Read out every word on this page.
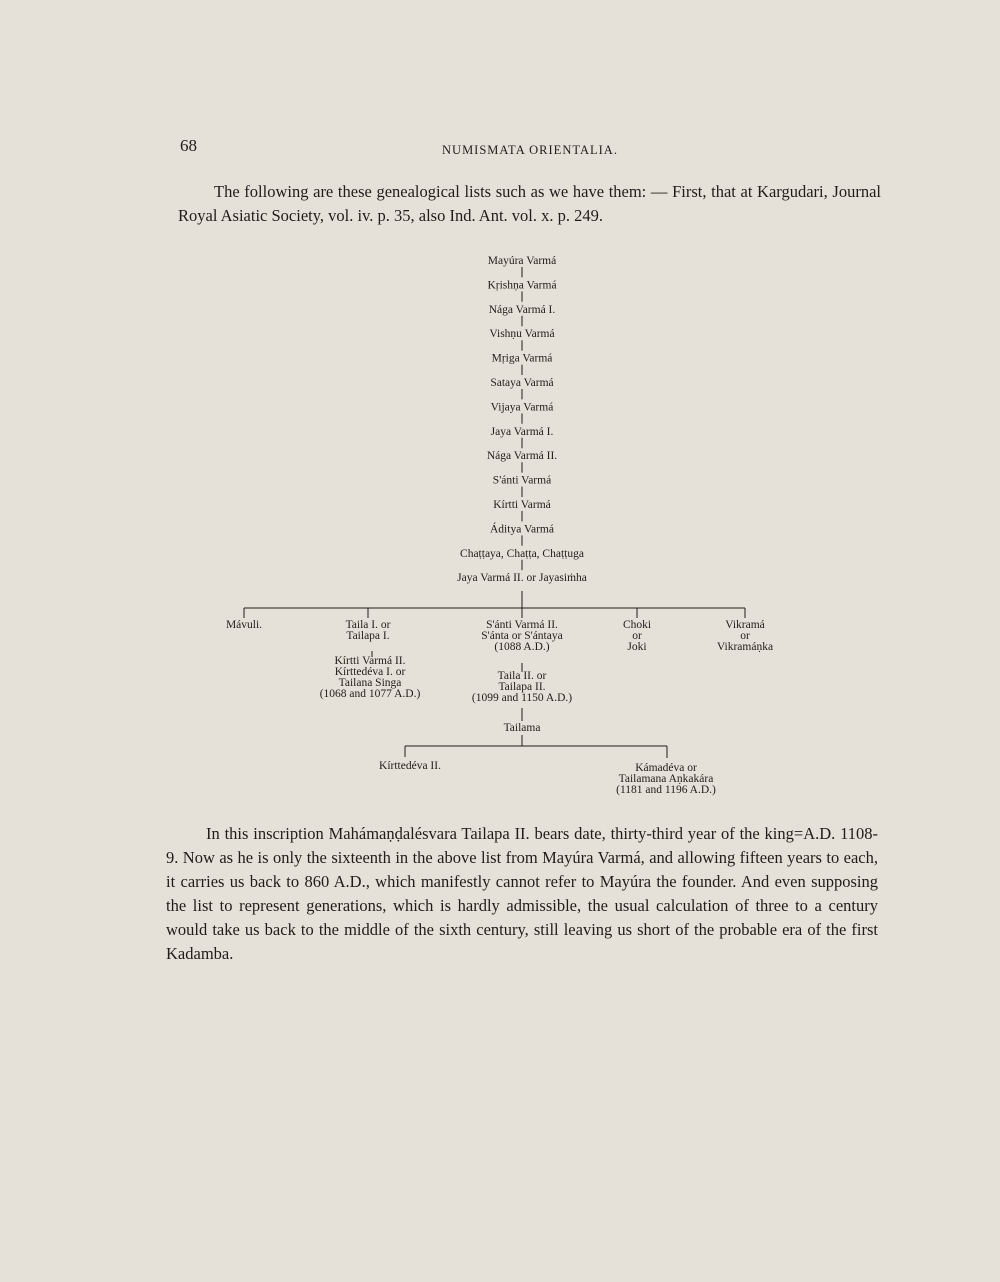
68	NUMISMATA ORIENTALIA.

The following are these genealogical lists such as we have them: — First, that at Kargudari, Journal Royal Asiatic Society, vol. iv. p. 35, also Ind. Ant. vol. x. p. 249.

Mayúra Varmá
Kṛishṇa Varmá
Nága Varmá I.
Vishṇu Varmá
Mṛiga Varmá
Sataya Varmá
Vijaya Varmá
Jaya Varmá I.
Nága Varmá II.
S'ánti Varmá
Kírtti Varmá
Áditya Varmá
Chaṭṭaya, Chaṭṭa, Chaṭṭuga
Jaya Varmá II. or Jayasiṁha
Mávuli.	Taila I. or
Tailapa I.
S'ánti Varmá II.
S'ánta or S'ántaya
(1088 A.D.)
Choki
or
Joki
Vikramá
or
Vikramáṇka
Kírtti Varmá II.
Kírttedéva I. or
Tailana Singa
(1068 and 1077 A.D.)
Taila II. or
Tailapa II.
(1099 and 1150 A.D.)
Tailama
Kírttedéva II.	Kámadéva or
Tailamana Aṇkakára
(1181 and 1196 A.D.)

In this inscription Mahámaṇḍalésvara Tailapa II. bears date, thirty-third year of the king=A.D. 1108-9. Now as he is only the sixteenth in the above list from Mayúra Varmá, and allowing fifteen years to each, it carries us back to 860 A.D., which manifestly cannot refer to Mayúra the founder. And even supposing the list to represent generations, which is hardly admissible, the usual calculation of three to a century would take us back to the middle of the sixth century, still leaving us short of the probable era of the first Kadamba.
